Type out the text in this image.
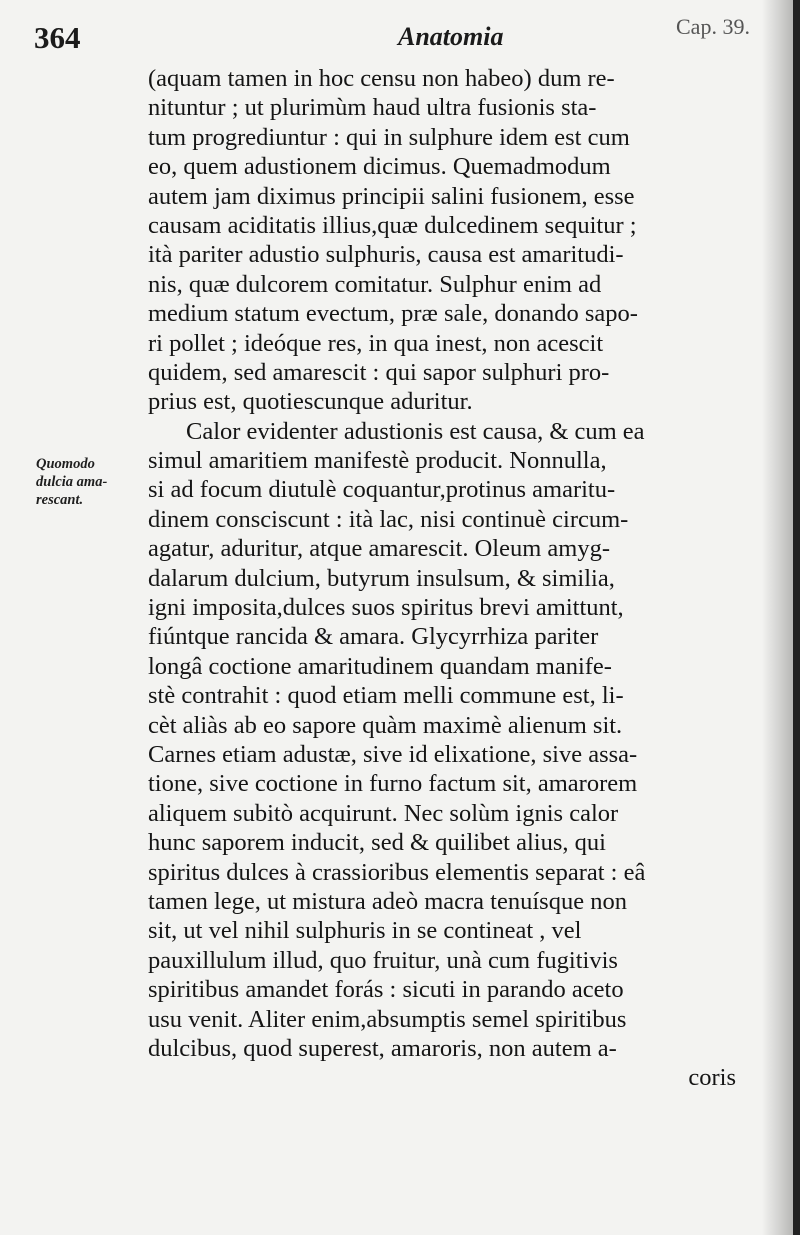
364	Anatomia	Cap. 39.
Quomodo
dulcia ama-
rescant.
(aquam tamen in hoc censu non habeo) dum re-
nituntur ; ut plurimùm haud ultra fusionis sta-
tum progrediuntur : qui in sulphure idem est cum
eo, quem adustionem dicimus. Quemadmodum
autem jam diximus principii salini fusionem, esse
causam aciditatis illius,quæ dulcedinem sequitur ;
ità pariter adustio sulphuris, causa est amaritudi-
nis, quæ dulcorem comitatur. Sulphur enim ad
medium statum evectum, præ sale, donando sapo-
ri pollet ; ideóque res, in qua inest, non acescit
quidem, sed amarescit : qui sapor sulphuri pro-
prius est, quotiescunque aduritur.
Calor evidenter adustionis est causa, & cum ea
simul amaritiem manifestè producit. Nonnulla,
si ad focum diutulè coquantur,protinus amaritu-
dinem consciscunt : ità lac, nisi continuè circum-
agatur, aduritur, atque amarescit. Oleum amyg-
dalarum dulcium, butyrum insulsum, & similia,
igni imposita,dulces suos spiritus brevi amittunt,
fiúntque rancida & amara. Glycyrrhiza pariter
longâ coctione amaritudinem quandam manife-
stè contrahit : quod etiam melli commune est, li-
cèt aliàs ab eo sapore quàm maximè alienum sit.
Carnes etiam adustæ, sive id elixatione, sive assa-
tione, sive coctione in furno factum sit, amarorem
aliquem subitò acquirunt. Nec solùm ignis calor
hunc saporem inducit, sed & quilibet alius, qui
spiritus dulces à crassioribus elementis separat : eâ
tamen lege, ut mistura adeò macra tenuísque non
sit, ut vel nihil sulphuris in se contineat , vel
pauxillulum illud, quo fruitur, unà cum fugitivis
spiritibus amandet forás : sicuti in parando aceto
usu venit. Aliter enim,absumptis semel spiritibus
dulcibus, quod superest, amaroris, non autem a-
coris
